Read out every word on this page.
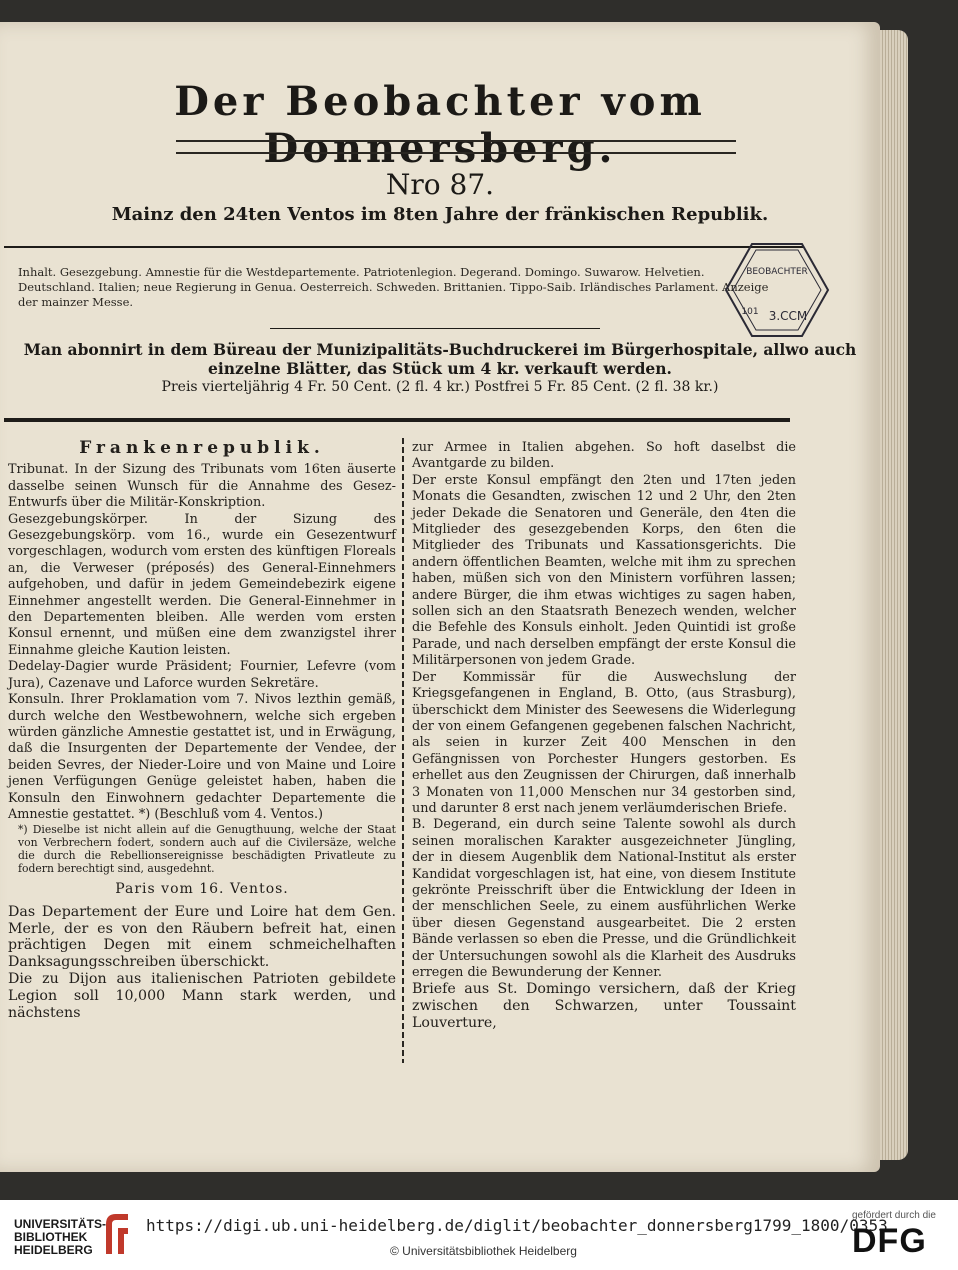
Der Beobachter vom Donnersberg.
Nro 87.
Mainz den 24ten Ventos im 8ten Jahre der fränkischen Republik.
Inhalt. Gesezgebung. Amnestie für die Westdepartemente. Patriotenlegion. Degerand. Domingo. Suwarow. Helvetien. Deutschland. Italien; neue Regierung in Genua. Oesterreich. Schweden. Brittanien. Tippo-Saib. Irländisches Parlament. Anzeige der mainzer Messe.
BEOBACHTER
101 3.CCM
Man abonnirt in dem Büreau der Munizipalitäts-Buchdruckerei im Bürgerhospitale, allwo auch
einzelne Blätter, das Stück um 4 kr. verkauft werden.
Preis vierteljährig 4 Fr. 50 Cent. (2 fl. 4 kr.) Postfrei 5 Fr. 85 Cent. (2 fl. 38 kr.)
Frankenrepublik.

Tribunat. In der Sizung des Tribunats vom 16ten äuserte dasselbe seinen Wunsch für die Annahme des Gesez-Entwurfs über die Militär-Konskription.

Gesezgebungskörper. In der Sizung des Gesezgebungskörp. vom 16., wurde ein Gesezentwurf vorgeschlagen, wodurch vom ersten des künftigen Floreals an, die Verweser (préposés) des General-Einnehmers aufgehoben, und dafür in jedem Gemeindebezirk eigene Einnehmer angestellt werden. Die General-Einnehmer in den Departementen bleiben. Alle werden vom ersten Konsul ernennt, und müßen eine dem zwanzigstel ihrer Einnahme gleiche Kaution leisten.

Dedelay-Dagier wurde Präsident; Fournier, Lefevre (vom Jura), Cazenave und Laforce wurden Sekretäre.

Konsuln. Ihrer Proklamation vom 7. Nivos lezthin gemäß, durch welche den Westbewohnern, welche sich ergeben würden gänzliche Amnestie gestattet ist, und in Erwägung, daß die Insurgenten der Departemente der Vendee, der beiden Sevres, der Nieder-Loire und von Maine und Loire jenen Verfügungen Genüge geleistet haben, haben die Konsuln den Einwohnern gedachter Departemente die Amnestie gestattet. *) (Beschluß vom 4. Ventos.)

*) Dieselbe ist nicht allein auf die Genugthuung, welche der Staat von Verbrechern fodert, sondern auch auf die Civilersäze, welche die durch die Rebellionsereignisse beschädigten Privatleute zu fodern berechtigt sind, ausgedehnt.

Paris vom 16. Ventos.

Das Departement der Eure und Loire hat dem Gen. Merle, der es von den Räubern befreit hat, einen prächtigen Degen mit einem schmeichelhaften Danksagungsschreiben überschickt.

Die zu Dijon aus italienischen Patrioten gebildete Legion soll 10,000 Mann stark werden, und nächstens

zur Armee in Italien abgehen. So hoft daselbst die Avantgarde zu bilden.

Der erste Konsul empfängt den 2ten und 17ten jeden Monats die Gesandten, zwischen 12 und 2 Uhr, den 2ten jeder Dekade die Senatoren und Generäle, den 4ten die Mitglieder des gesezgebenden Korps, den 6ten die Mitglieder des Tribunats und Kassationsgerichts. Die andern öffentlichen Beamten, welche mit ihm zu sprechen haben, müßen sich von den Ministern vorführen lassen; andere Bürger, die ihm etwas wichtiges zu sagen haben, sollen sich an den Staatsrath Benezech wenden, welcher die Befehle des Konsuls einholt. Jeden Quintidi ist große Parade, und nach derselben empfängt der erste Konsul die Militärpersonen von jedem Grade.

Der Kommissär für die Auswechslung der Kriegsgefangenen in England, B. Otto, (aus Strasburg), überschickt dem Minister des Seewesens die Widerlegung der von einem Gefangenen gegebenen falschen Nachricht, als seien in kurzer Zeit 400 Menschen in den Gefängnissen von Porchester Hungers gestorben. Es erhellet aus den Zeugnissen der Chirurgen, daß innerhalb 3 Monaten von 11,000 Menschen nur 34 gestorben sind, und darunter 8 erst nach jenem verläumderischen Briefe.

B. Degerand, ein durch seine Talente sowohl als durch seinen moralischen Karakter ausgezeichneter Jüngling, der in diesem Augenblik dem National-Institut als erster Kandidat vorgeschlagen ist, hat eine, von diesem Institute gekrönte Preisschrift über die Entwicklung der Ideen in der menschlichen Seele, zu einem ausführlichen Werke über diesen Gegenstand ausgearbeitet. Die 2 ersten Bände verlassen so eben die Presse, und die Gründlichkeit der Untersuchungen sowohl als die Klarheit des Ausdruks erregen die Bewunderung der Kenner.

Briefe aus St. Domingo versichern, daß der Krieg zwischen den Schwarzen, unter Toussaint Louverture,

UNIVERSITÄTS-
BIBLIOTHEK
HEIDELBERG
https://digi.ub.uni-heidelberg.de/diglit/beobachter_donnersberg1799_1800/0353
© Universitätsbibliothek Heidelberg
gefördert durch die
DFG
